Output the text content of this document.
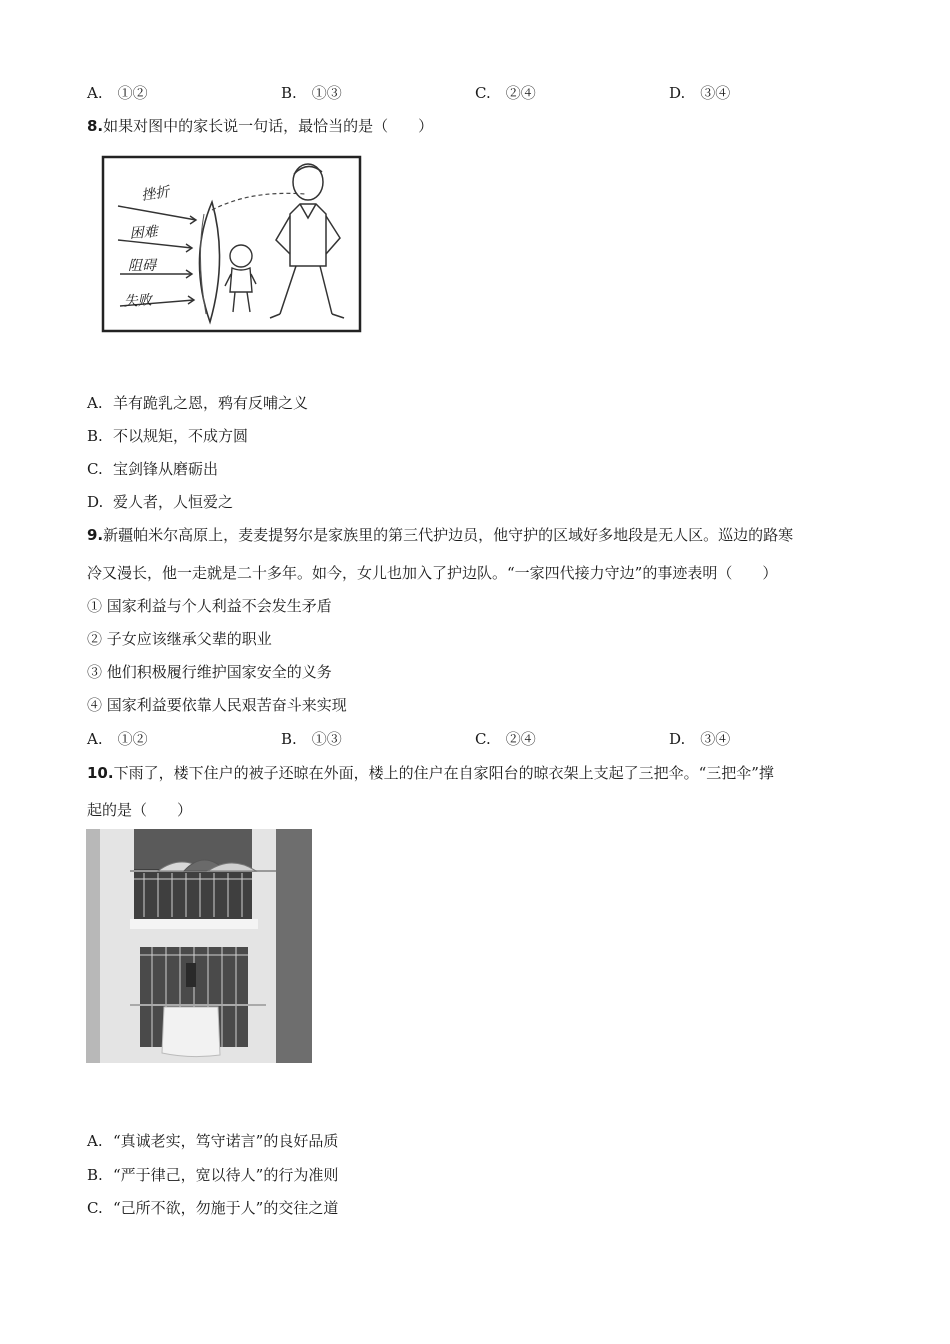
A.　①②	B.　①③	C.　②④	D.　③④
8.如果对图中的家长说一句话，最恰当的是（　　）
挫折
困难
阻碍
失败
A. 羊有跪乳之恩，鸦有反哺之义
B. 不以规矩，不成方圆
C. 宝剑锋从磨砺出
D. 爱人者，人恒爱之
9.新疆帕米尔高原上，麦麦提努尔是家族里的第三代护边员，他守护的区域好多地段是无人区。巡边的路寒
冷又漫长，他一走就是二十多年。如今，女儿也加入了护边队。“一家四代接力守边”的事迹表明（　　）
① 国家利益与个人利益不会发生矛盾
② 子女应该继承父辈的职业
③ 他们积极履行维护国家安全的义务
④ 国家利益要依靠人民艰苦奋斗来实现
A.　①②	B.　①③	C.　②④	D.　③④
10.下雨了，楼下住户的被子还晾在外面，楼上的住户在自家阳台的晾衣架上支起了三把伞。“三把伞”撑
起的是（　　）
A. “真诚老实，笃守诺言”的良好品质
B. “严于律己，宽以待人”的行为准则
C. “己所不欲，勿施于人”的交往之道
